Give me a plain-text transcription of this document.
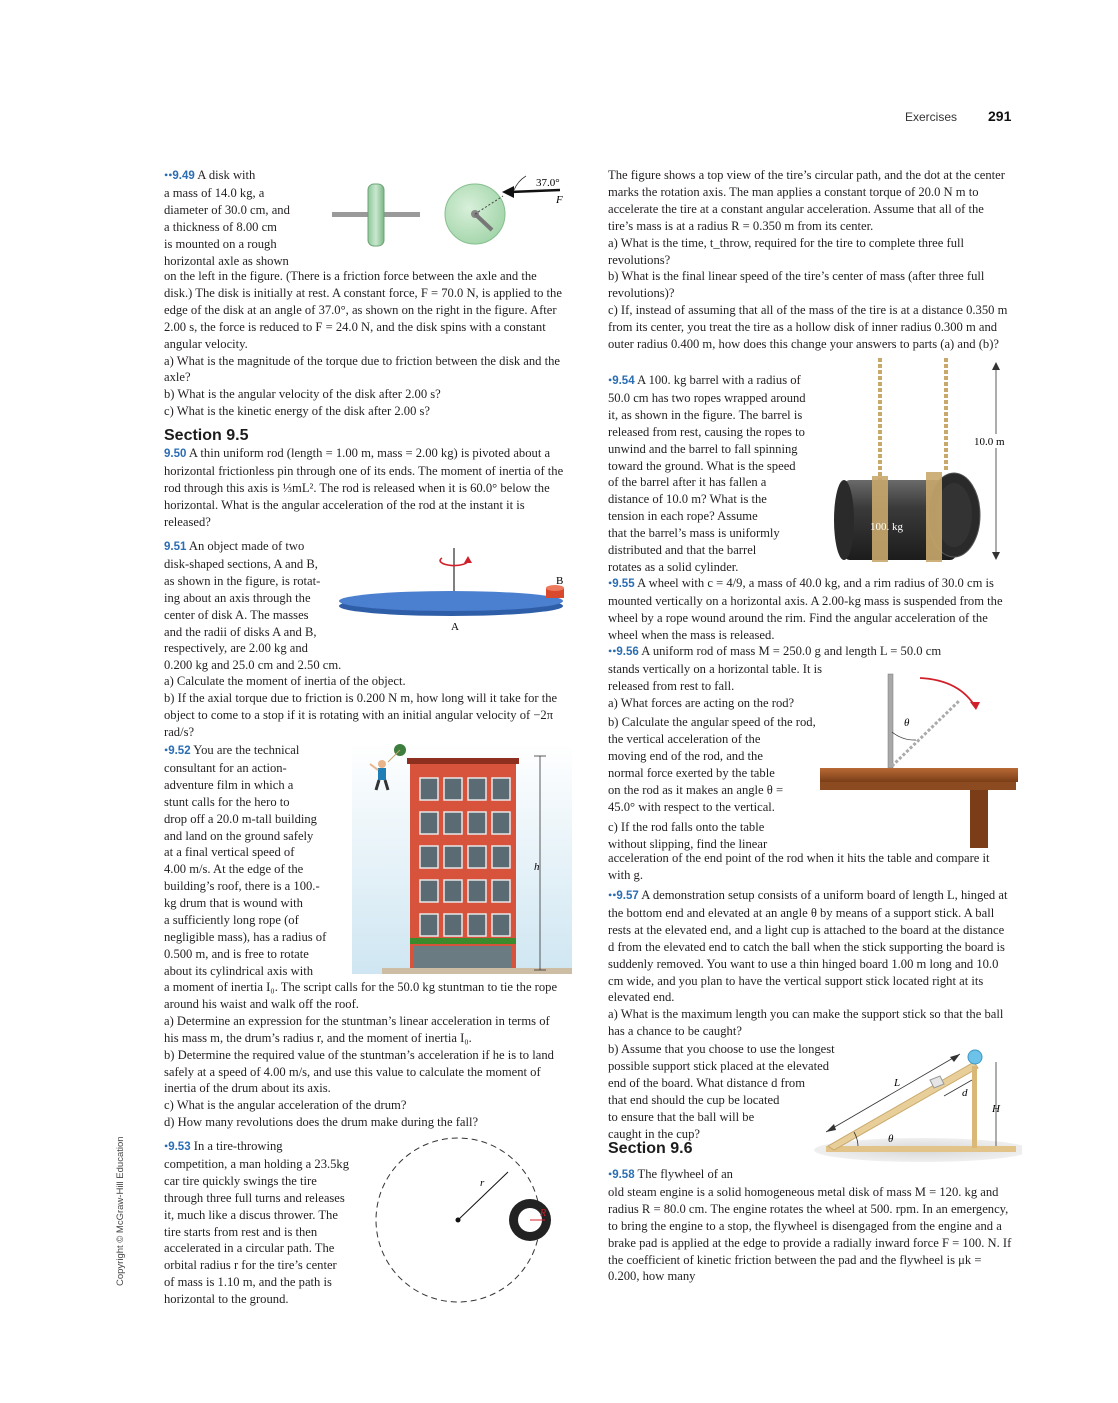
Exercises 291
Copyright © McGraw-Hill Education

••9.49 A disk with

a mass of 14.0 kg, a

diameter of 30.0 cm, and

a thickness of 8.00 cm

is mounted on a rough

horizontal axle as shown

37.0°
F

on the left in the figure. (There is a friction force between the axle and the disk.) The disk is initially at rest. A constant force, F = 70.0 N, is applied to the edge of the disk at an angle of 37.0°, as shown on the right in the figure. After 2.00 s, the force is reduced to F = 24.0 N, and the disk spins with a constant angular velocity.

a) What is the magnitude of the torque due to friction between the disk and the axle?

b) What is the angular velocity of the disk after 2.00 s?

c) What is the kinetic energy of the disk after 2.00 s?

Section 9.5

9.50 A thin uniform rod (length = 1.00 m, mass = 2.00 kg) is pivoted about a horizontal frictionless pin through one of its ends. The moment of inertia of the rod through this axis is ⅓mL². The rod is released when it is 60.0° below the horizontal. What is the angular acceleration of the rod at the instant it is released?

9.51 An object made of two

disk-shaped sections, A and B,

as shown in the figure, is rotat-

ing about an axis through the

center of disk A. The masses

and the radii of disks A and B,

respectively, are 2.00 kg and

0.200 kg and 25.0 cm and 2.50 cm.

B
A

a) Calculate the moment of inertia of the object.

b) If the axial torque due to friction is 0.200 N m, how long will it take for the object to come to a stop if it is rotating with an initial angular velocity of −2π rad/s?

•9.52 You are the technical

consultant for an action-

adventure film in which a

stunt calls for the hero to

drop off a 20.0 m-tall building

and land on the ground safely

at a final vertical speed of

4.00 m/s. At the edge of the

building’s roof, there is a 100.-

kg drum that is wound with

a sufficiently long rope (of

negligible mass), has a radius of

0.500 m, and is free to rotate

about its cylindrical axis with

h

a moment of inertia I₀. The script calls for the 50.0 kg stuntman to tie the rope around his waist and walk off the roof.

a) Determine an expression for the stuntman’s linear acceleration in terms of his mass m, the drum’s radius r, and the moment of inertia I₀.

b) Determine the required value of the stuntman’s acceleration if he is to land safely at a speed of 4.00 m/s, and use this value to calculate the moment of inertia of the drum about its axis.

c) What is the angular acceleration of the drum?

d) How many revolutions does the drum make during the fall?

•9.53 In a tire-throwing

competition, a man holding a 23.5kg

car tire quickly swings the tire

through three full turns and releases

it, much like a discus thrower. The

tire starts from rest and is then

accelerated in a circular path. The

orbital radius r for the tire’s center

of mass is 1.10 m, and the path is

horizontal to the ground.

r
R

The figure shows a top view of the tire’s circular path, and the dot at the center marks the rotation axis. The man applies a constant torque of 20.0 N m to accelerate the tire at a constant angular acceleration. Assume that all of the tire’s mass is at a radius R = 0.350 m from its center.

a) What is the time, t_throw, required for the tire to complete three full revolutions?

b) What is the final linear speed of the tire’s center of mass (after three full revolutions)?

c) If, instead of assuming that all of the mass of the tire is at a distance 0.350 m from its center, you treat the tire as a hollow disk of inner radius 0.300 m and outer radius 0.400 m, how does this change your answers to parts (a) and (b)?

•9.54 A 100. kg barrel with a radius of

50.0 cm has two ropes wrapped around

it, as shown in the figure. The barrel is

released from rest, causing the ropes to

unwind and the barrel to fall spinning

toward the ground. What is the speed

of the barrel after it has fallen a

distance of 10.0 m? What is the

tension in each rope? Assume

that the barrel’s mass is uniformly

distributed and that the barrel

rotates as a solid cylinder.

100. kg
10.0 m

•9.55 A wheel with c = 4/9, a mass of 40.0 kg, and a rim radius of 30.0 cm is mounted vertically on a horizontal axis. A 2.00-kg mass is suspended from the wheel by a rope wound around the rim. Find the angular acceleration of the wheel when the mass is released.

••9.56 A uniform rod of mass M = 250.0 g and length L = 50.0 cm

stands vertically on a horizontal table. It is

released from rest to fall.

a) What forces are acting on the rod?

b) Calculate the angular speed of the rod,

the vertical acceleration of the

moving end of the rod, and the

normal force exerted by the table

on the rod as it makes an angle θ =

45.0° with respect to the vertical.

c) If the rod falls onto the table

without slipping, find the linear

θ

acceleration of the end point of the rod when it hits the table and compare it with g.

••9.57 A demonstration setup consists of a uniform board of length L, hinged at the bottom end and elevated at an angle θ by means of a support stick. A ball rests at the elevated end, and a light cup is attached to the board at the distance d from the elevated end to catch the ball when the stick supporting the board is suddenly removed. You want to use a thin hinged board 1.00 m long and 10.0 cm wide, and you plan to have the vertical support stick located right at its elevated end.

a) What is the maximum length you can make the support stick so that the ball has a chance to be caught?

b) Assume that you choose to use the longest

possible support stick placed at the elevated

end of the board. What distance d from

that end should the cup be located

to ensure that the ball will be

caught in the cup?

L
d
H
θ
Section 9.6

•9.58 The flywheel of an

old steam engine is a solid homogeneous metal disk of mass M = 120. kg and radius R = 80.0 cm. The engine rotates the wheel at 500. rpm. In an emergency, to bring the engine to a stop, the flywheel is disengaged from the engine and a brake pad is applied at the edge to provide a radially inward force F = 100. N. If the coefficient of kinetic friction between the pad and the flywheel is μk = 0.200, how many
